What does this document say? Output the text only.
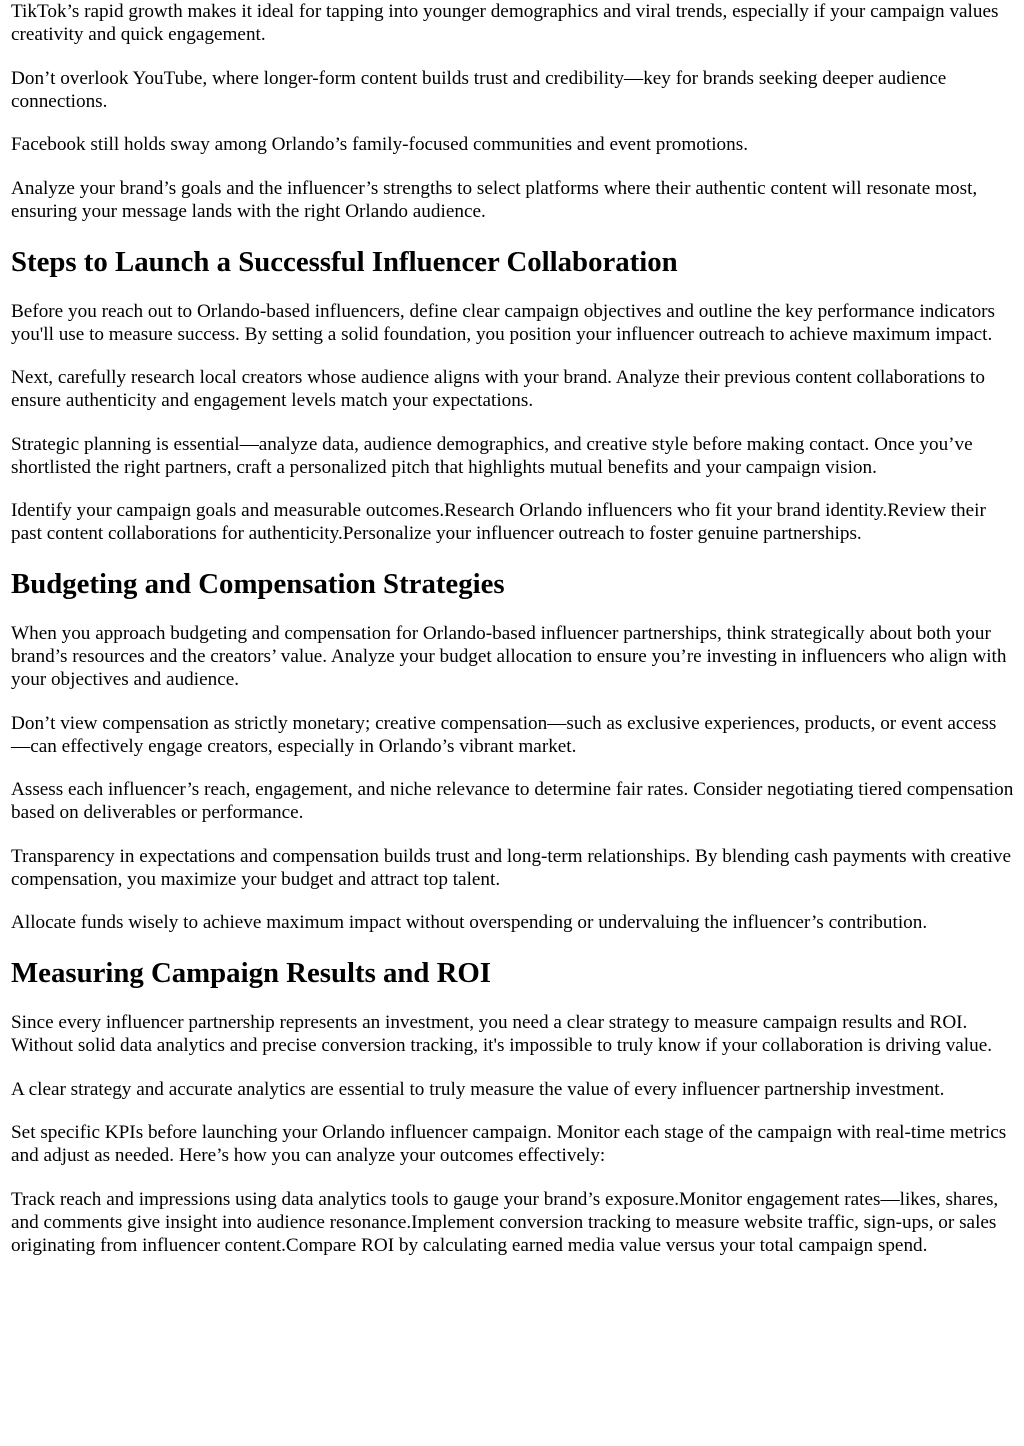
TikTok’s rapid growth makes it ideal for tapping into younger demographics and viral trends, especially if your campaign values creativity and quick engagement.

Don’t overlook YouTube, where longer-form content builds trust and credibility—key for brands seeking deeper audience connections.

Facebook still holds sway among Orlando’s family-focused communities and event promotions.

Analyze your brand’s goals and the influencer’s strengths to select platforms where their authentic content will resonate most, ensuring your message lands with the right Orlando audience.

Steps to Launch a Successful Influencer Collaboration

Before you reach out to Orlando-based influencers, define clear campaign objectives and outline the key performance indicators you'll use to measure success. By setting a solid foundation, you position your influencer outreach to achieve maximum impact.

Next, carefully research local creators whose audience aligns with your brand. Analyze their previous content collaborations to ensure authenticity and engagement levels match your expectations.

Strategic planning is essential—analyze data, audience demographics, and creative style before making contact. Once you’ve shortlisted the right partners, craft a personalized pitch that highlights mutual benefits and your campaign vision.

Identify your campaign goals and measurable outcomes.Research Orlando influencers who fit your brand identity.Review their past content collaborations for authenticity.Personalize your influencer outreach to foster genuine partnerships.

Budgeting and Compensation Strategies

When you approach budgeting and compensation for Orlando-based influencer partnerships, think strategically about both your brand’s resources and the creators’ value. Analyze your budget allocation to ensure you’re investing in influencers who align with your objectives and audience.

Don’t view compensation as strictly monetary; creative compensation—such as exclusive experiences, products, or event access—can effectively engage creators, especially in Orlando’s vibrant market.

Assess each influencer’s reach, engagement, and niche relevance to determine fair rates. Consider negotiating tiered compensation based on deliverables or performance.

Transparency in expectations and compensation builds trust and long-term relationships. By blending cash payments with creative compensation, you maximize your budget and attract top talent.

Allocate funds wisely to achieve maximum impact without overspending or undervaluing the influencer’s contribution.

Measuring Campaign Results and ROI

Since every influencer partnership represents an investment, you need a clear strategy to measure campaign results and ROI. Without solid data analytics and precise conversion tracking, it's impossible to truly know if your collaboration is driving value.

A clear strategy and accurate analytics are essential to truly measure the value of every influencer partnership investment.

Set specific KPIs before launching your Orlando influencer campaign. Monitor each stage of the campaign with real-time metrics and adjust as needed. Here’s how you can analyze your outcomes effectively:

Track reach and impressions using data analytics tools to gauge your brand’s exposure.Monitor engagement rates—likes, shares, and comments give insight into audience resonance.Implement conversion tracking to measure website traffic, sign-ups, or sales originating from influencer content.Compare ROI by calculating earned media value versus your total campaign spend.
